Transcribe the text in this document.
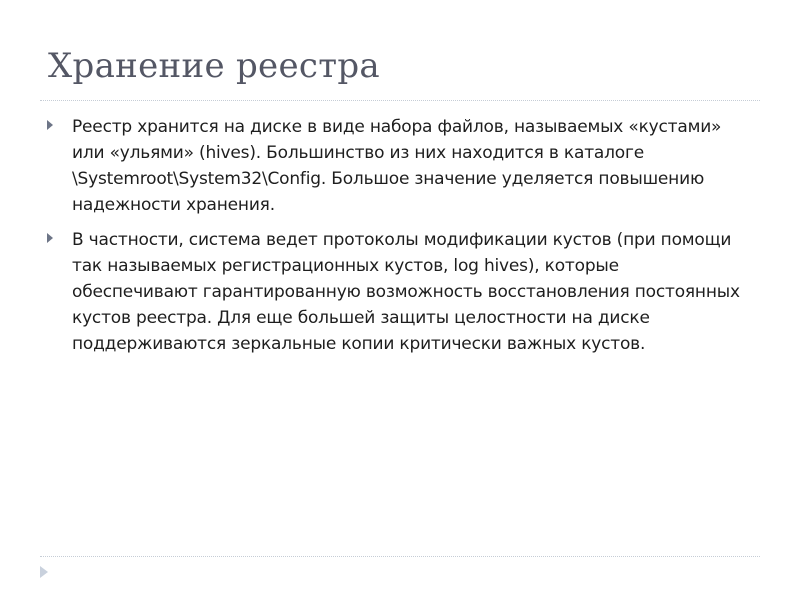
Хранение реестра
Реестр хранится на диске в виде набора файлов, называемых «кустами» или «ульями» (hives). Большинство из них находится в каталоге \Systemroot\System32\Config. Большое значение уделяется повышению надежности хранения.
В частности, система ведет протоколы модификации кустов (при помощи так называемых регистрационных кустов, log hives), которые обеспечивают гарантированную возможность восстановления постоянных кустов реестра. Для еще большей защиты целостности на диске поддерживаются зеркальные копии критически важных кустов.
